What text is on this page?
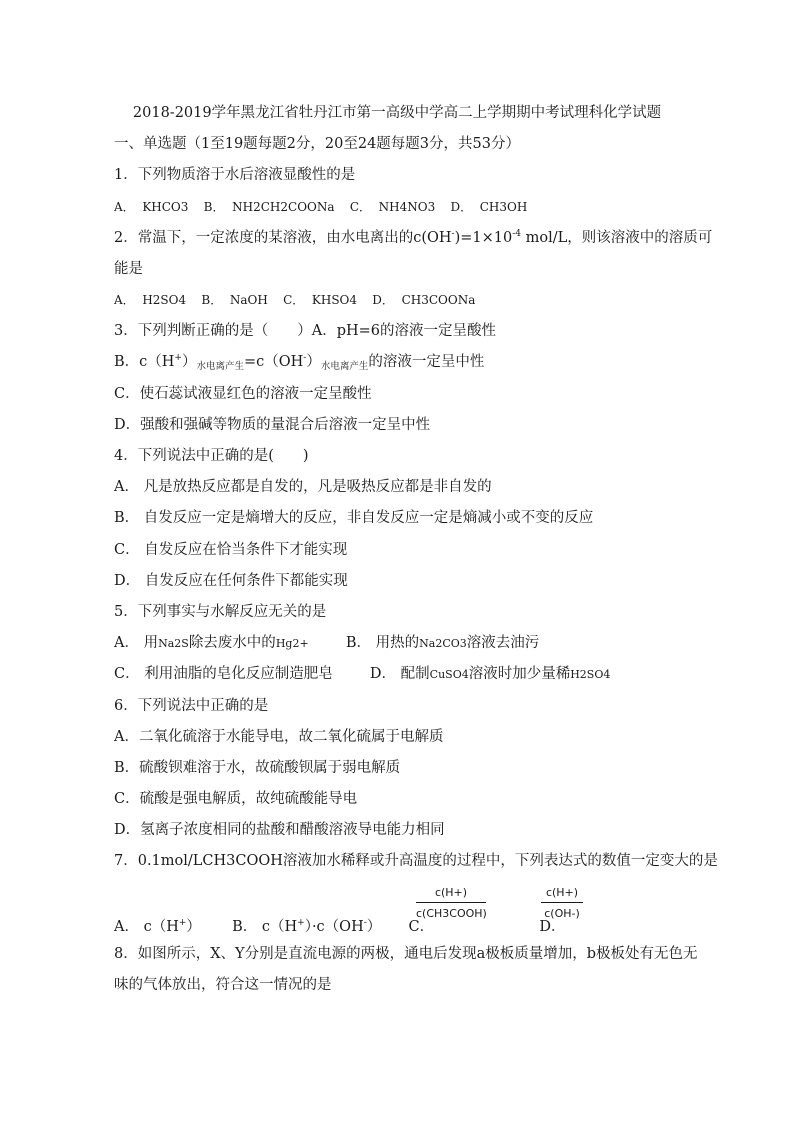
2018-2019学年黑龙江省牡丹江市第一高级中学高二上学期期中考试理科化学试题
一、单选题（1至19题每题2分，20至24题每题3分，共53分）
1．下列物质溶于水后溶液显酸性的是
A． KHCO3 B． NH2CH2COONa C． NH4NO3 D． CH3OH
2．常温下，一定浓度的某溶液，由水电离出的$c(OH^-)=1\times 10^{-4}$ mol/L，则该溶液中的溶质可
能是
A． H2SO4 B． NaOH C． KHSO4 D． CH3COONa
3．下列判断正确的是（　　）A．pH=6的溶液一定呈酸性
B．$c(H^+)_{水电离产生}=c(OH^-)_{水电离产生}$的溶液一定呈中性
C．使石蕊试液显红色的溶液一定呈酸性
D．强酸和强碱等物质的量混合后溶液一定呈中性
4．下列说法中正确的是(　　)
A． 凡是放热反应都是自发的，凡是吸热反应都是非自发的
B． 自发反应一定是熵增大的反应，非自发反应一定是熵减小或不变的反应
C． 自发反应在恰当条件下才能实现
D． 自发反应在任何条件下都能实现
5．下列事实与水解反应无关的是
A． 用Na2S除去废水中的Hg2+	B． 用热的Na2CO3溶液去油污
C． 利用油脂的皂化反应制造肥皂	D． 配制CuSO4溶液时加少量稀H2SO4
6．下列说法中正确的是
A．二氧化硫溶于水能导电，故二氧化硫属于电解质
B．硫酸钡难溶于水，故硫酸钡属于弱电解质
C．硫酸是强电解质，故纯硫酸能导电
D．氢离子浓度相同的盐酸和醋酸溶液导电能力相同
7．0.1mol/LCH3COOH溶液加水稀释或升高温度的过程中，下列表达式的数值一定变大的是
c(H+)
c(CH3COOH)
c(H+)
c(OH-)
A． c（H+） B． c（H+）·c（OH-） C．	D．
8．如图所示，X、Y分别是直流电源的两极，通电后发现a极板质量增加，b极板处有无色无
味的气体放出，符合这一情况的是
